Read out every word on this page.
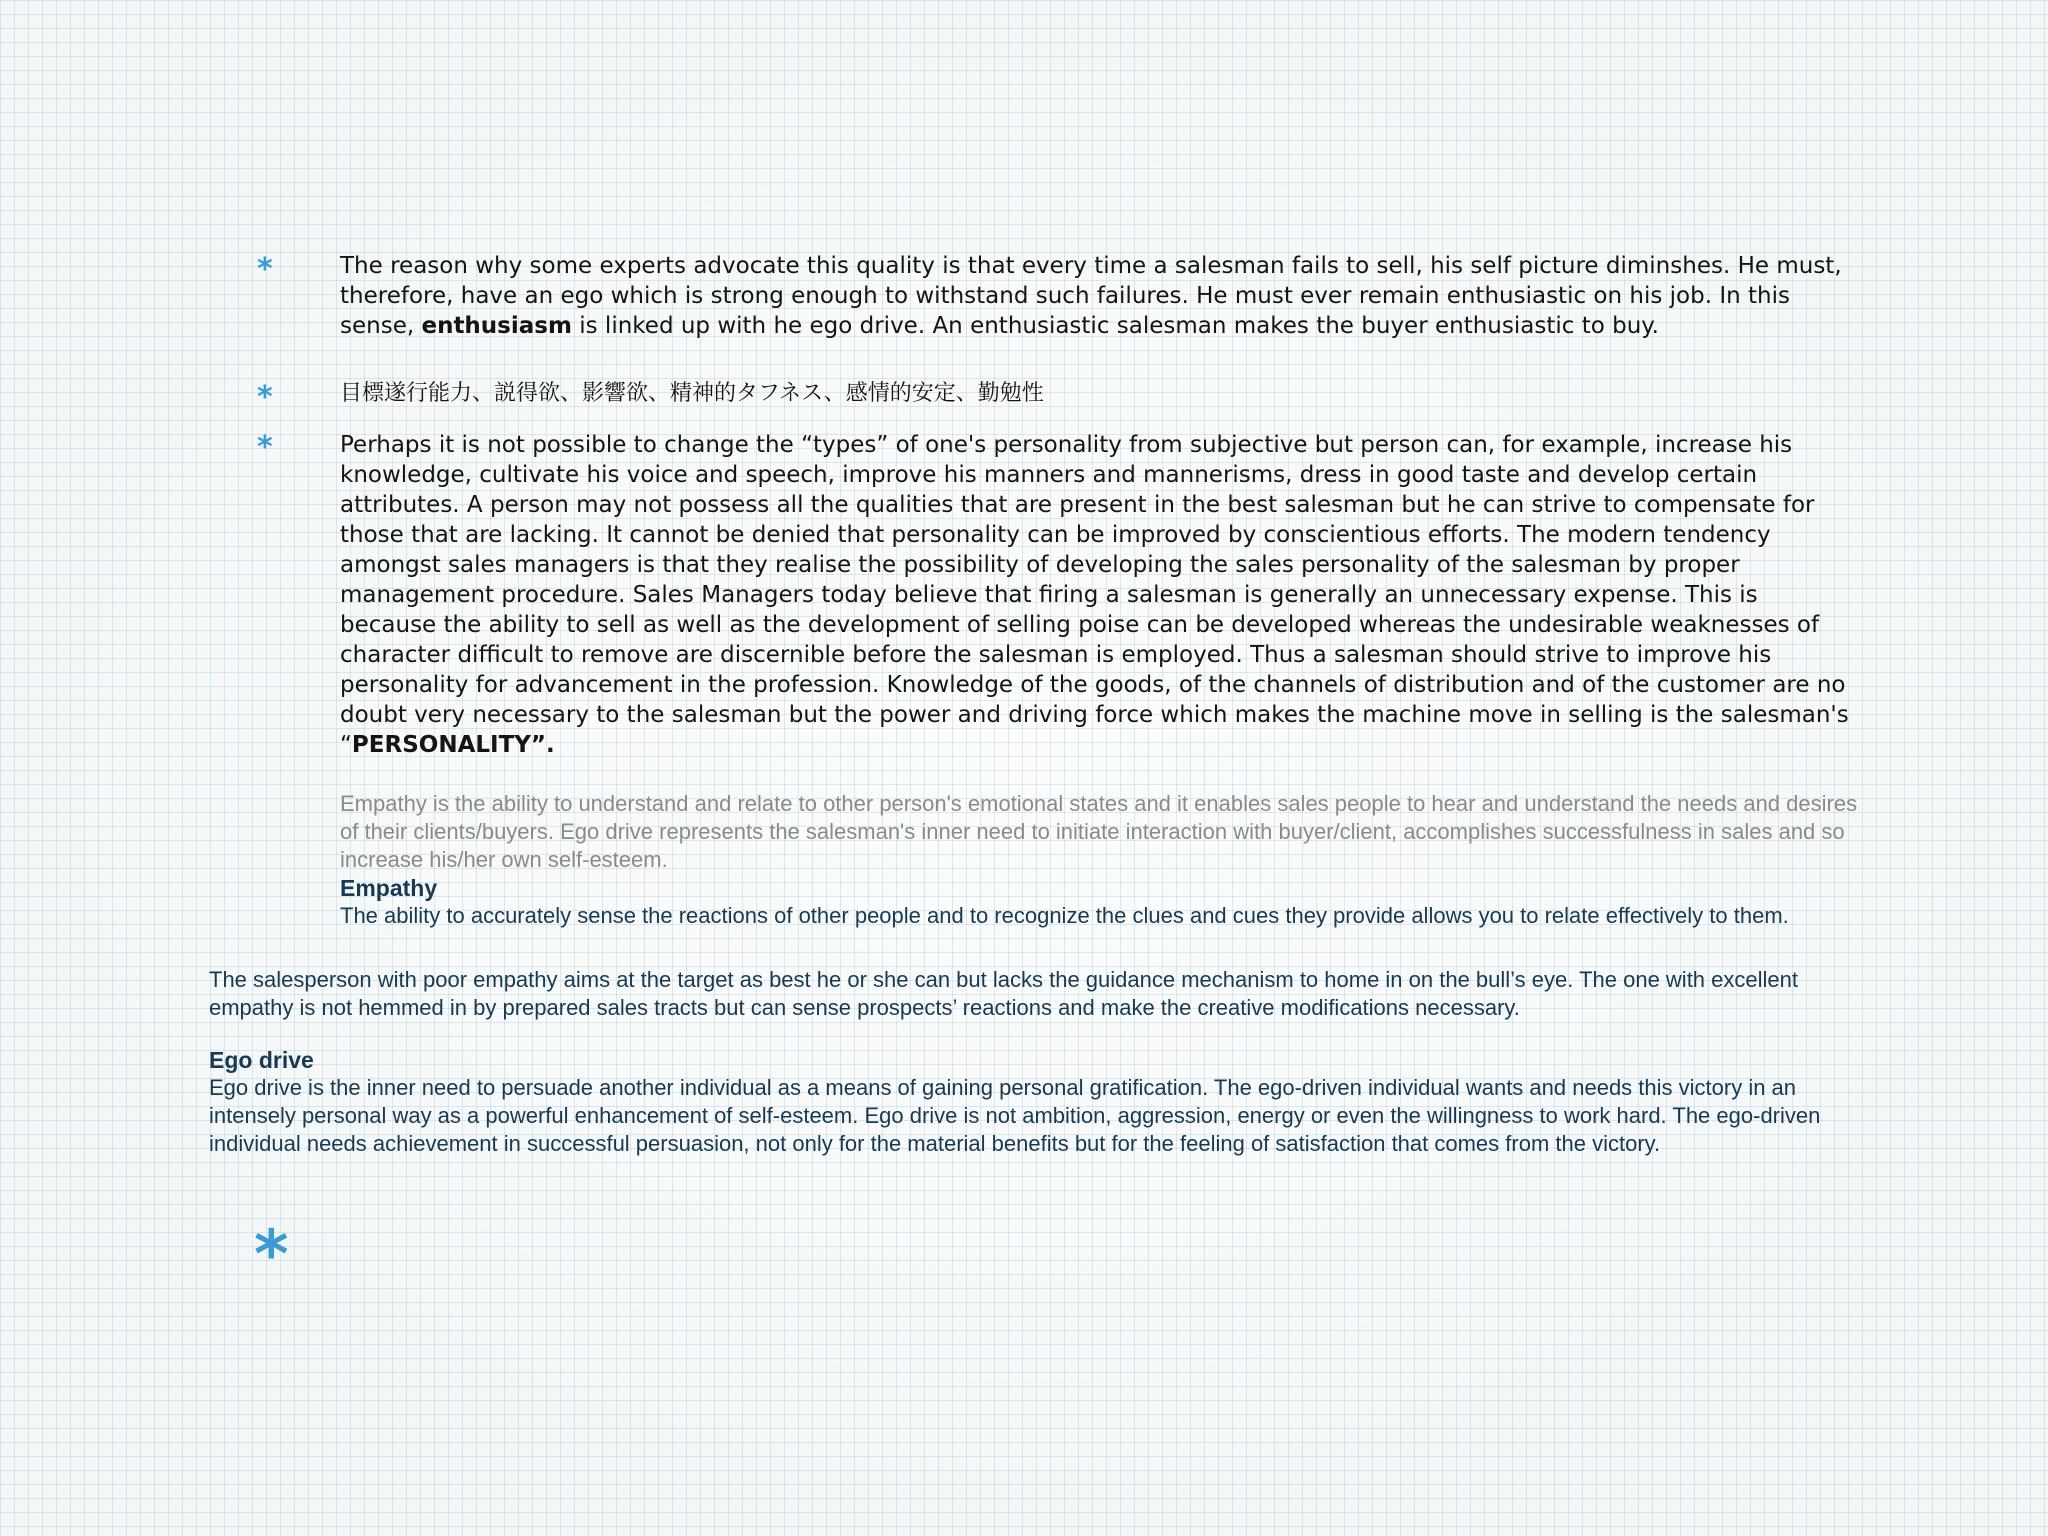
*	The reason why some experts advocate this quality is that every time a salesman fails to sell, his self picture diminshes. He must, therefore, have an ego which is strong enough to withstand such failures. He must ever remain enthusiastic on his job. In this sense, enthusiasm is linked up with he ego drive. An enthusiastic salesman makes the buyer enthusiastic to buy.

*	目標遂行能力、説得欲、影響欲、精神的タフネス、感情的安定、勤勉性

*	Perhaps it is not possible to change the “types” of one's personality from subjective but person can, for example, increase his knowledge, cultivate his voice and speech, improve his manners and mannerisms, dress in good taste and develop certain attributes. A person may not possess all the qualities that are present in the best salesman but he can strive to compensate for those that are lacking. It cannot be denied that personality can be improved by conscientious efforts. The modern tendency amongst sales managers is that they realise the possibility of developing the sales personality of the salesman by proper management procedure. Sales Managers today believe that firing a salesman is generally an unnecessary expense. This is because the ability to sell as well as the development of selling poise can be developed whereas the undesirable weaknesses of character difficult to remove are discernible before the salesman is employed. Thus a salesman should strive to improve his personality for advancement in the profession. Knowledge of the goods, of the channels of distribution and of the customer are no doubt very necessary to the salesman but the power and driving force which makes the machine move in selling is the salesman's “PERSONALITY”.

Empathy is the ability to understand and relate to other person's emotional states and it enables sales people to hear and understand the needs and desires of their clients/buyers. Ego drive represents the salesman's inner need to initiate interaction with buyer/client, accomplishes successfulness in sales and so increase his/her own self-esteem.

Empathy

The ability to accurately sense the reactions of other people and to recognize the clues and cues they provide allows you to relate effectively to them.

The salesperson with poor empathy aims at the target as best he or she can but lacks the guidance mechanism to home in on the bull’s eye. The one with excellent empathy is not hemmed in by prepared sales tracts but can sense prospects’ reactions and make the creative modifications necessary.

Ego drive

Ego drive is the inner need to persuade another individual as a means of gaining personal gratification. The ego-driven individual wants and needs this victory in an intensely personal way as a powerful enhancement of self-esteem. Ego drive is not ambition, aggression, energy or even the willingness to work hard. The ego-driven individual needs achievement in successful persuasion, not only for the material benefits but for the feeling of satisfaction that comes from the victory.

*
